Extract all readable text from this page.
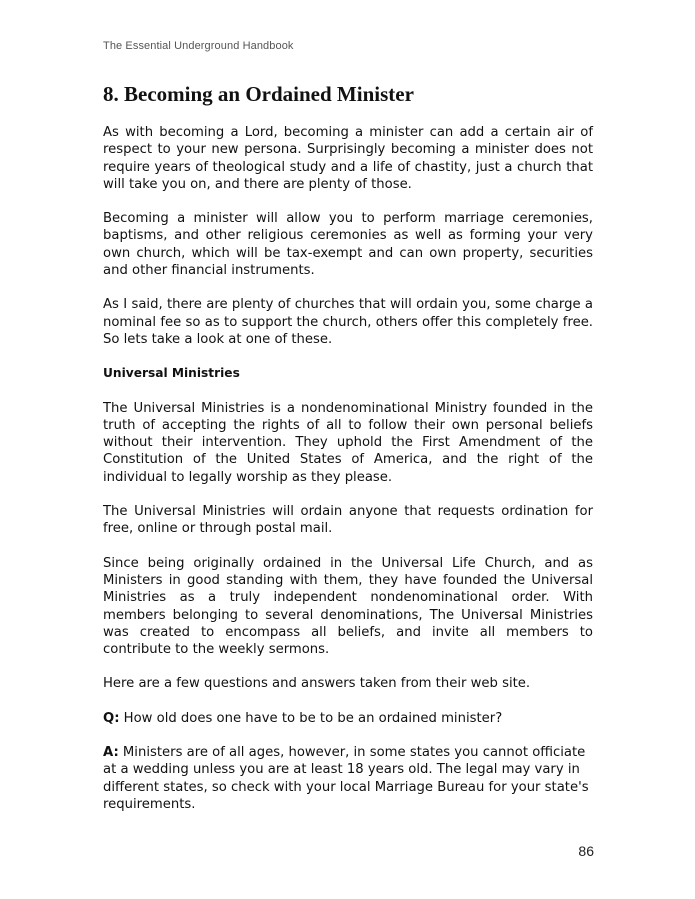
The Essential Underground Handbook
8. Becoming an Ordained Minister

As with becoming a Lord, becoming a minister can add a certain air of respect to your new persona. Surprisingly becoming a minister does not require years of theological study and a life of chastity, just a church that will take you on, and there are plenty of those.

Becoming a minister will allow you to perform marriage ceremonies, baptisms, and other religious ceremonies as well as forming your very own church, which will be tax-exempt and can own property, securities and other financial instruments.

As I said, there are plenty of churches that will ordain you, some charge a nominal fee so as to support the church, others offer this completely free. So lets take a look at one of these.

Universal Ministries

The Universal Ministries is a nondenominational Ministry founded in the truth of accepting the rights of all to follow their own personal beliefs without their intervention. They uphold the First Amendment of the Constitution of the United States of America, and the right of the individual to legally worship as they please.

The Universal Ministries will ordain anyone that requests ordination for free, online or through postal mail.

Since being originally ordained in the Universal Life Church, and as Ministers in good standing with them, they have founded the Universal Ministries as a truly independent nondenominational order. With members belonging to several denominations, The Universal Ministries was created to encompass all beliefs, and invite all members to contribute to the weekly sermons.

Here are a few questions and answers taken from their web site.

Q: How old does one have to be to be an ordained minister?

A: Ministers are of all ages, however, in some states you cannot officiate at a wedding unless you are at least 18 years old. The legal may vary in different states, so check with your local Marriage Bureau for your state's requirements.

86
